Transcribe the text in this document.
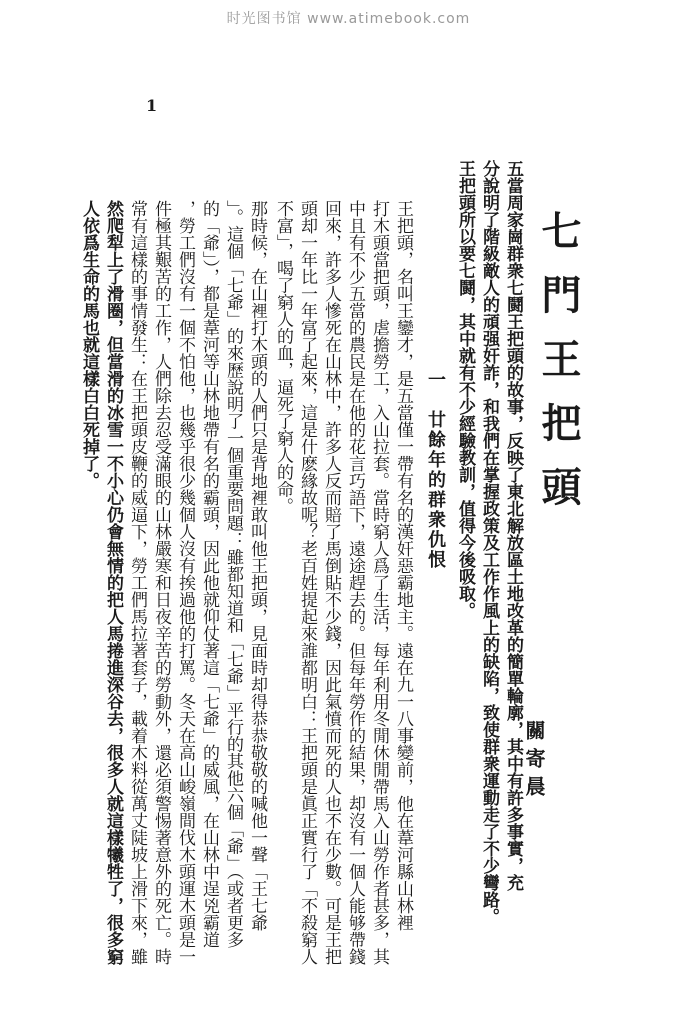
时光图书馆 www.atimebook.com
1
七門王把頭
關寄晨
五當周家崗群衆七鬪王把頭的故事，反映了東北解放區土地改革的簡單輪廓，其中有許多事實，充
分說明了階級敵人的頑强奸詐，和我們在掌握政策及工作作風上的缺陷，致使群衆運動走了不少彎路。
王把頭所以要七鬪，其中就有不少經驗教訓，值得今後吸取。
一　廿餘年的群衆仇恨
王把頭，名叫王鑾才，是五當僅一帶有名的漢奸惡霸地主。遠在九一八事變前，他在葦河縣山林裡
打木頭當把頭，虐擔勞工，入山拉套。當時窮人爲了生活，每年利用冬閒休閒帶馬入山勞作者甚多，其
中且有不少五當的農民是在他的花言巧語下，遠途趕去的。但每年勞作的結果，却沒有一個人能够帶錢
回來，許多人慘死在山林中，許多人反而賠了馬倒貼不少錢，因此氣憤而死的人也不在少數。可是王把
頭却一年比一年富了起來，這是什麽緣故呢？老百姓提起來誰都明白：王把頭是眞正實行了「不殺窮人
不富」，喝了窮人的血，逼死了窮人的命。
那時候，在山裡打木頭的人們只是背地裡敢叫他王把頭，見面時却得恭恭敬敬的喊他一聲「王七爺
」。這個「七爺」的來歷說明了一個重要問題：雖都知道和「七爺」平行的其他六個「爺」（或者更多
的「爺」），都是葦河等山林地帶有名的霸頭，因此他就仰仗著這「七爺」的威風，在山林中逞兇霸道
，勞工們沒有一個不怕他，也幾乎很少幾個人沒有挨過他的打罵。冬天在高山峻嶺間伐木頭運木頭是一
件極其艱苦的工作，人們除去忍受滿眼的山林嚴寒和日夜辛苦的勞動外，還必須警惕著意外的死亡。時
常有這樣的事情發生：在王把頭皮鞭的威逼下，勞工們馬拉著套子，載着木料從萬丈陡坡上滑下來，雖
然爬犁上了滑圈，但當滑的冰雪一不小心仍會無情的把人馬捲進深谷去，很多人就這樣犧牲了，很多窮
人依爲生命的馬也就這樣白白死掉了。
